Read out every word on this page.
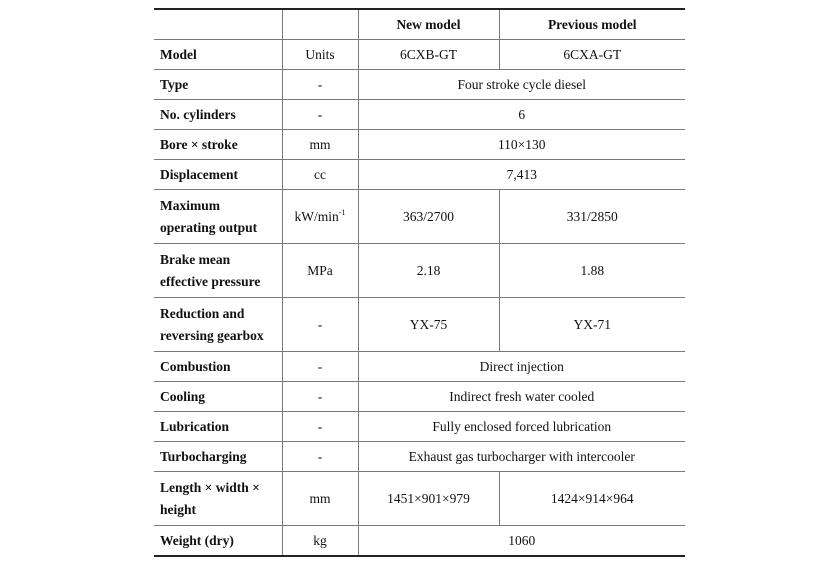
		New model	Previous model
Model	Units	6CXB-GT	6CXA-GT
Type	-	Four stroke cycle diesel	
No. cylinders	-	6	
Bore × stroke	mm	110×130	
Displacement	cc	7,413	
Maximum
operating output	$kW/\min^{-1}$	363/2700	331/2850
Brake mean
effective pressure	MPa	2.18	1.88
Reduction and
reversing gearbox	-	YX-75	YX-71
Combustion	-	Direct injection	
Cooling	-	Indirect fresh water cooled	
Lubrication	-	Fully enclosed forced lubrication	
Turbocharging	-	Exhaust gas turbocharger with intercooler	
Length × width ×
height	mm	1451×901×979	1424×914×964
Weight (dry)	kg	1060	
